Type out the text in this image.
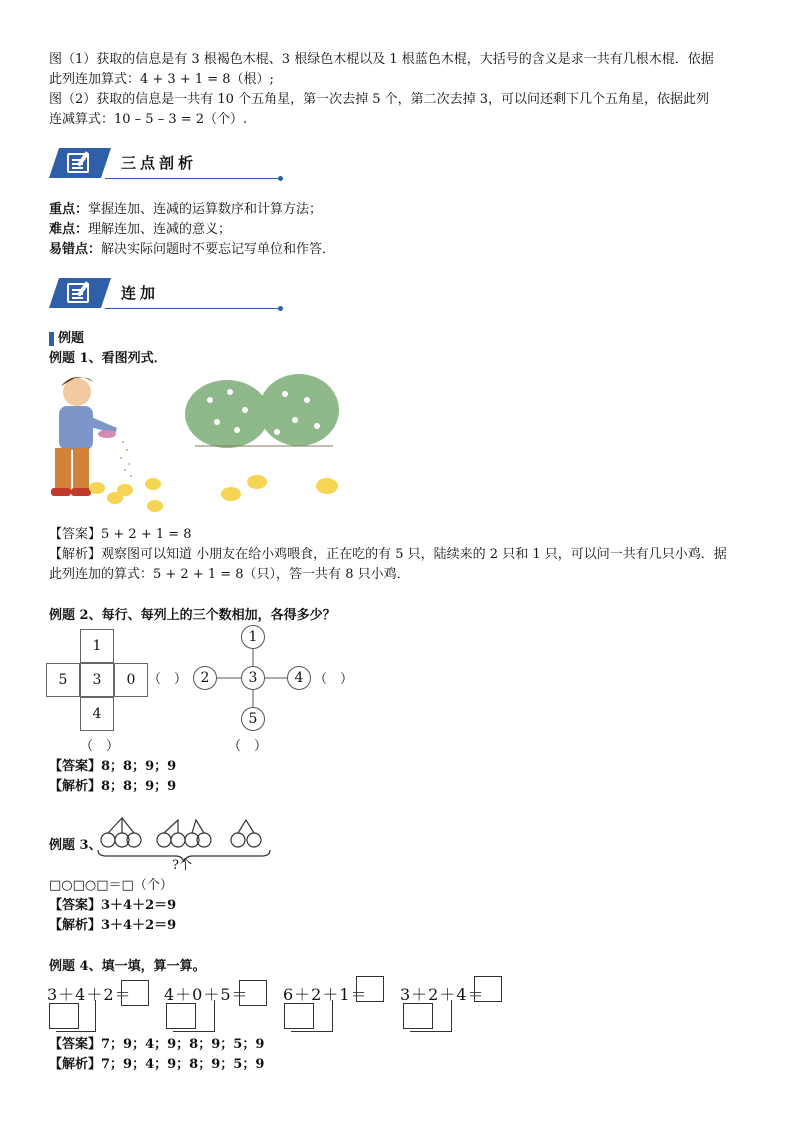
图（1）获取的信息是有 3 根褐色木棍、3 根绿色木棍以及 1 根蓝色木棍，大括号的含义是求一共有几根木棍．依据
此列连加算式：4 + 3 + 1 = 8（根）;
图（2）获取的信息是一共有 10 个五角星，第一次去掉 5 个，第二次去掉 3，可以问还剩下几个五角星，依据此列
连减算式：10 – 5 – 3 = 2（个）.
三点剖析
重点：掌握连加、连减的运算数序和计算方法；
难点：理解连加、连减的意义；
易错点：解决实际问题时不要忘记写单位和作答．
连加
例题
例题 1、看图列式．
【答案】5 + 2 + 1 = 8
【解析】观察图可以知道 小朋友在给小鸡喂食，正在吃的有 5 只，陆续来的 2 只和 1 只，可以问一共有几只小鸡．据
此列连加的算式：5 + 2 + 1 = 8（只），答一共有 8 只小鸡．
例题 2、每行、每列上的三个数相加，各得多少？
1
5	3	0
4
（　）
（　）
1
2	3	4
5
（　）
（　）
【答案】8；8；9；9
【解析】8；8；9；9
例题 3、
?个
□○□○□＝□（个）
【答案】3＋4＋2＝9
【解析】3＋4＋2＝9
例题 4、填一填，算一算。
3＋4＋2＝ 4＋0＋5＝ 6＋2＋1＝ 3＋2＋4＝
【答案】7；9；4；9；8；9；5；9
【解析】7；9；4；9；8；9；5；9
